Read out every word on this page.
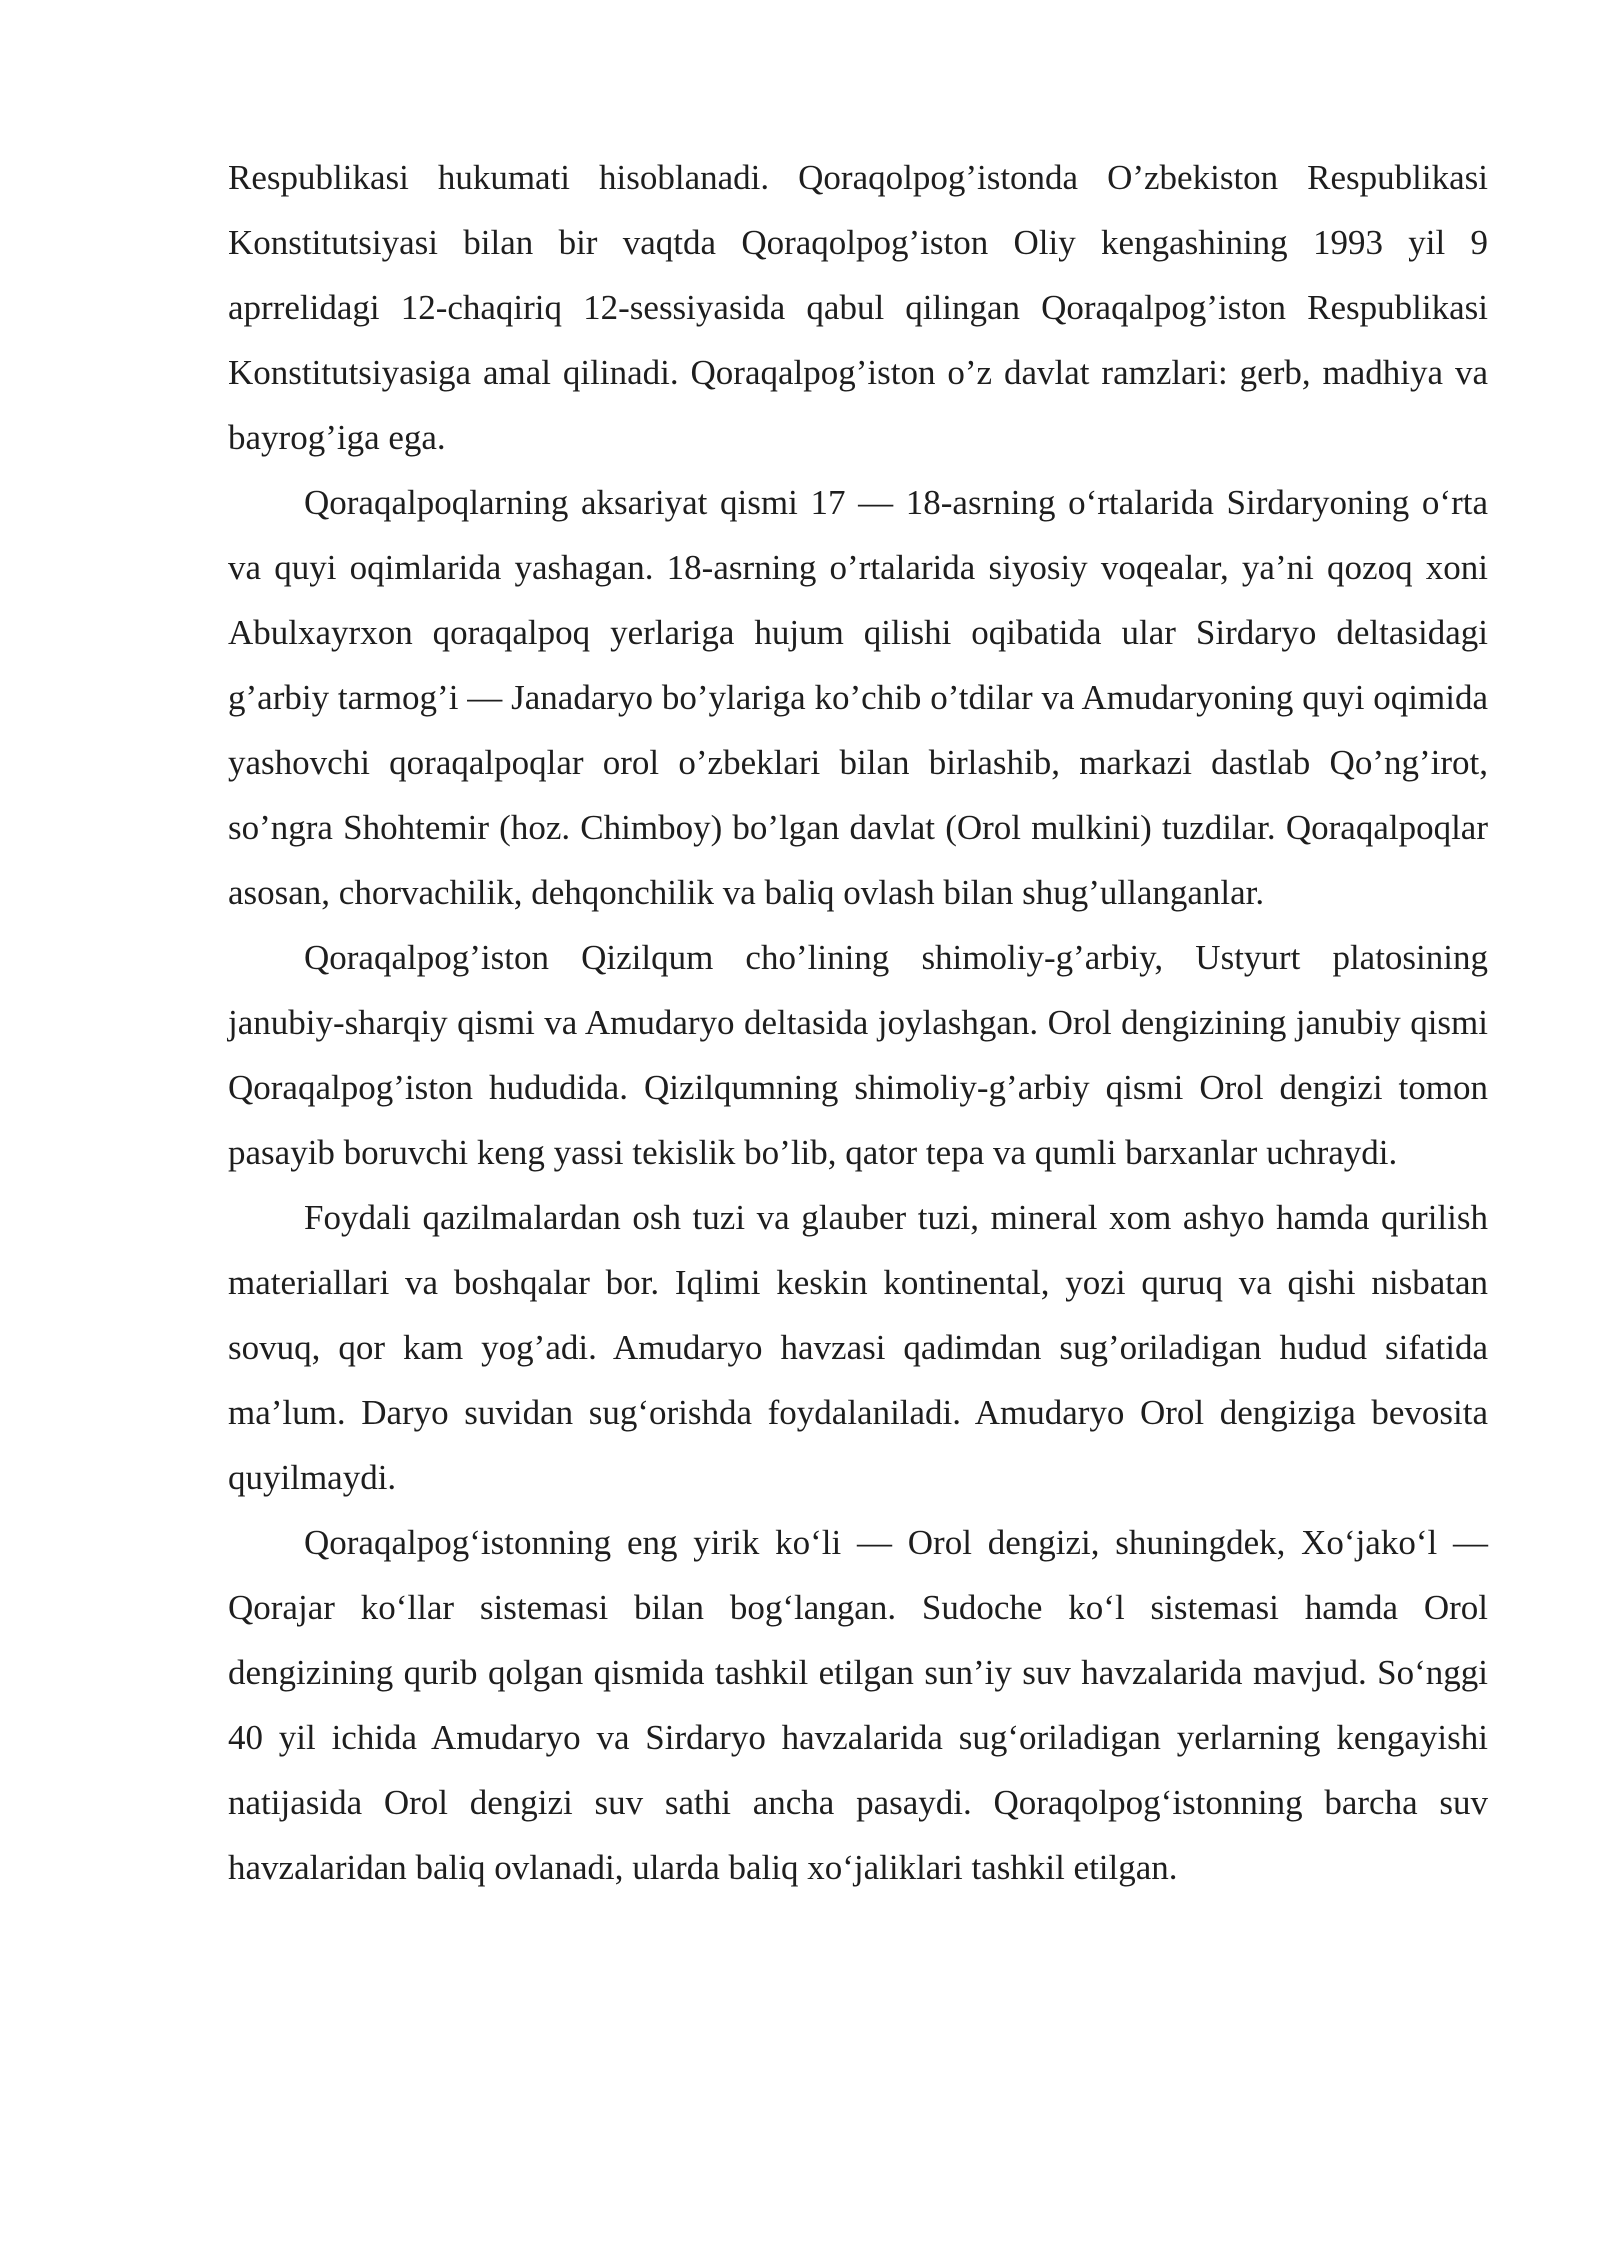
Respublikasi hukumati hisoblanadi. Qoraqolpog’istonda O’zbekiston Respublikasi Konstitutsiyasi bilan bir vaqtda Qoraqolpog’iston Oliy kengashining 1993 yil 9 aprrelidagi 12-chaqiriq 12-sessiyasida qabul qilingan Qoraqalpog’iston Respublikasi Konstitutsiyasiga amal qilinadi. Qoraqalpog’iston o’z davlat ramzlari: gerb, madhiya va bayrog’iga ega.

Qoraqalpoqlarning aksariyat qismi 17 — 18-asrning o‘rtalarida Sirdaryoning o‘rta va quyi oqimlarida yashagan. 18-asrning o’rtalarida siyosiy voqealar, ya’ni qozoq xoni Abulxayrxon qoraqalpoq yerlariga hujum qilishi oqibatida ular Sirdaryo deltasidagi g’arbiy tarmog’i — Janadaryo bo’ylariga ko’chib o’tdilar va Amudaryoning quyi oqimida yashovchi qoraqalpoqlar orol o’zbeklari bilan birlashib, markazi dastlab Qo’ng’irot, so’ngra Shohtemir (hoz. Chimboy) bo’lgan davlat (Orol mulkini) tuzdilar. Qoraqalpoqlar asosan, chorvachilik, dehqonchilik va baliq ovlash bilan shug’ullanganlar.

Qoraqalpog’iston Qizilqum cho’lining shimoliy-g’arbiy, Ustyurt platosining janubiy-sharqiy qismi va Amudaryo deltasida joylashgan. Orol dengizining janubiy qismi Qoraqalpog’iston hududida. Qizilqumning shimoliy-g’arbiy qismi Orol dengizi tomon pasayib boruvchi keng yassi tekislik bo’lib, qator tepa va qumli barxanlar uchraydi.

Foydali qazilmalardan osh tuzi va glauber tuzi, mineral xom ashyo hamda qurilish materiallari va boshqalar bor. Iqlimi keskin kontinental, yozi quruq va qishi nisbatan sovuq, qor kam yog’adi. Amudaryo havzasi qadimdan sug’oriladigan hudud sifatida ma’lum. Daryo suvidan sug‘orishda foydalaniladi. Amudaryo Orol dengiziga bevosita quyilmaydi.

Qoraqalpog‘istonning eng yirik ko‘li — Orol dengizi, shuningdek, Xo‘jako‘l — Qorajar ko‘llar sistemasi bilan bog‘langan. Sudoche ko‘l sistemasi hamda Orol dengizining qurib qolgan qismida tashkil etilgan sun’iy suv havzalarida mavjud. So‘nggi 40 yil ichida Amudaryo va Sirdaryo havzalarida sug‘oriladigan yerlarning kengayishi natijasida Orol dengizi suv sathi ancha pasaydi. Qoraqolpog‘istonning barcha suv havzalaridan baliq ovlanadi, ularda baliq xo‘jaliklari tashkil etilgan.
